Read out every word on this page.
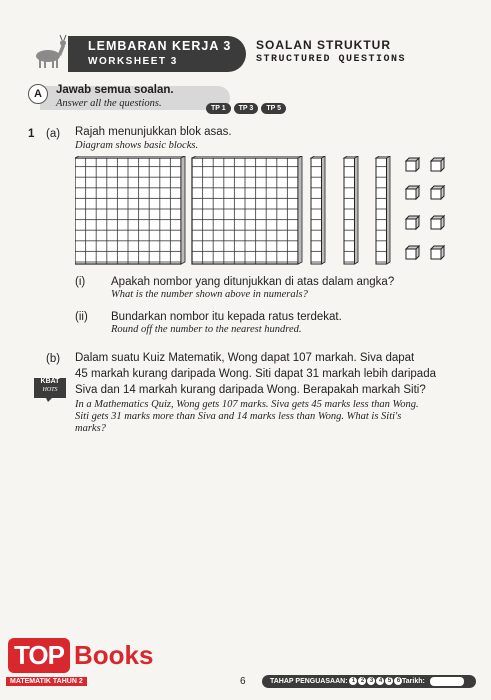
LEMBARAN KERJA 3
WORKSHEET 3
SOALAN STRUKTUR
STRUCTURED QUESTIONS
A	Jawab semua soalan.
Answer all the questions.	TP 1 TP 3 TP 5
1 (a) Rajah menunjukkan blok asas.
Diagram shows basic blocks.
(i) Apakah nombor yang ditunjukkan di atas dalam angka?
What is the number shown above in numerals?
(ii) Bundarkan nombor itu kepada ratus terdekat.
Round off the number to the nearest hundred.
(b)
KBAT
HOTS
Dalam suatu Kuiz Matematik, Wong dapat 107 markah. Siva dapat
45 markah kurang daripada Wong. Siti dapat 31 markah lebih daripada
Siva dan 14 markah kurang daripada Wong. Berapakah markah Siti?
In a Mathematics Quiz, Wong gets 107 marks. Siva gets 45 marks less than Wong.
Siti gets 31 marks more than Siva and 14 marks less than Wong. What is Siti's
marks?
TOP Books
MATEMATIK TAHUN 2	6	TAHAP PENGUASAAN: 1 2 3 4 5 6 Tarikh:
